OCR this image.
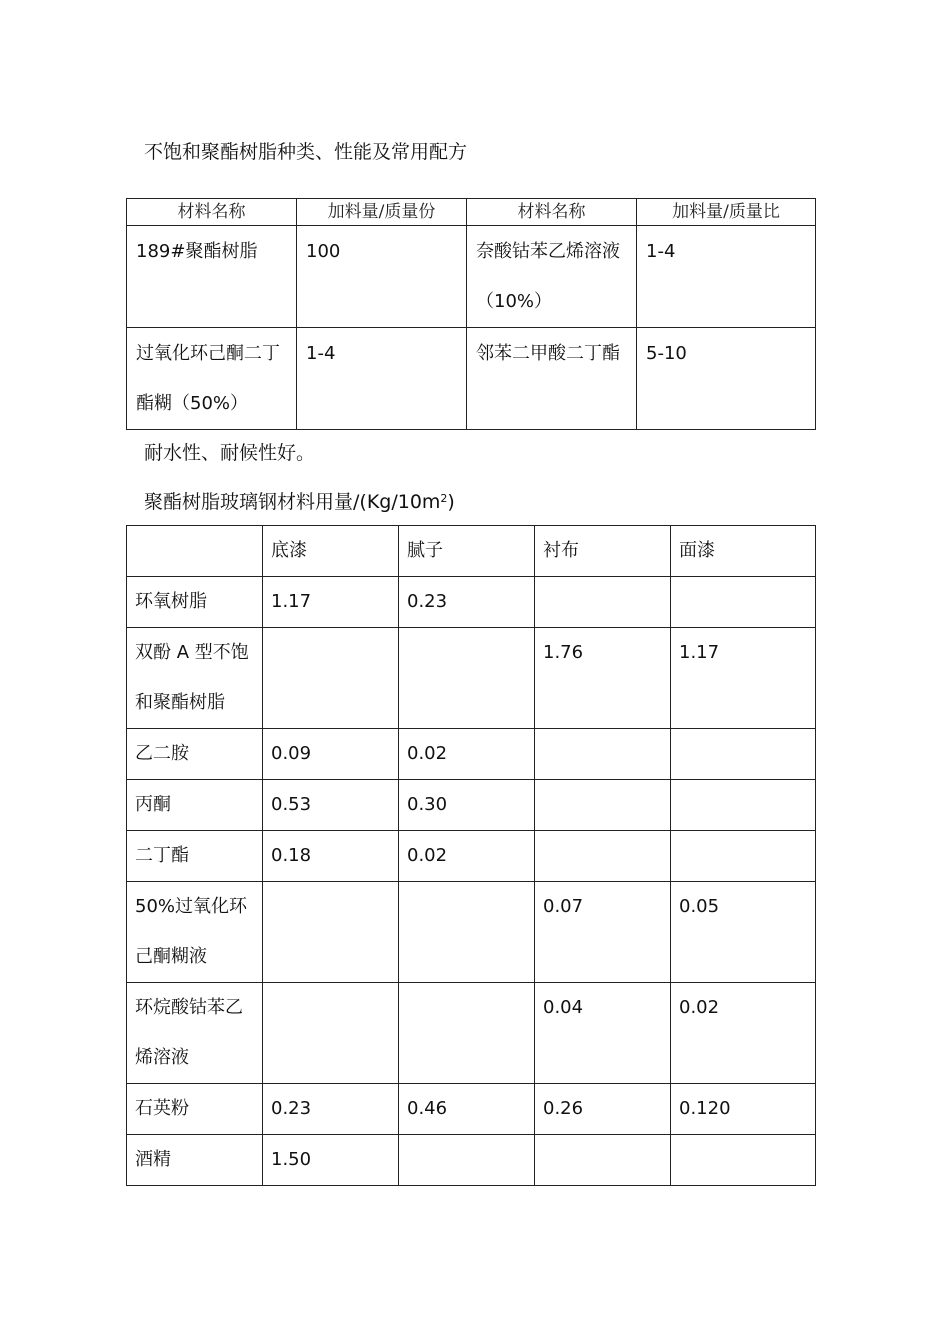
不饱和聚酯树脂种类、性能及常用配方
材料名称	加料量/质量份	材料名称	加料量/质量比
189#聚酯树脂	100	奈酸钴苯乙烯溶液（10%）	1-4
过氧化环己酮二丁酯糊（50%）	1-4	邻苯二甲酸二丁酯	5-10
耐水性、耐候性好。
聚酯树脂玻璃钢材料用量$/(Kg/10m^2)$
	底漆	腻子	衬布	面漆
环氧树脂	1.17	0.23		
双酚 A 型不饱和聚酯树脂			1.76	1.17
乙二胺	0.09	0.02		
丙酮	0.53	0.30		
二丁酯	0.18	0.02		
50%过氧化环己酮糊液			0.07	0.05
环烷酸钴苯乙烯溶液			0.04	0.02
石英粉	0.23	0.46	0.26	0.120
酒精	1.50			
